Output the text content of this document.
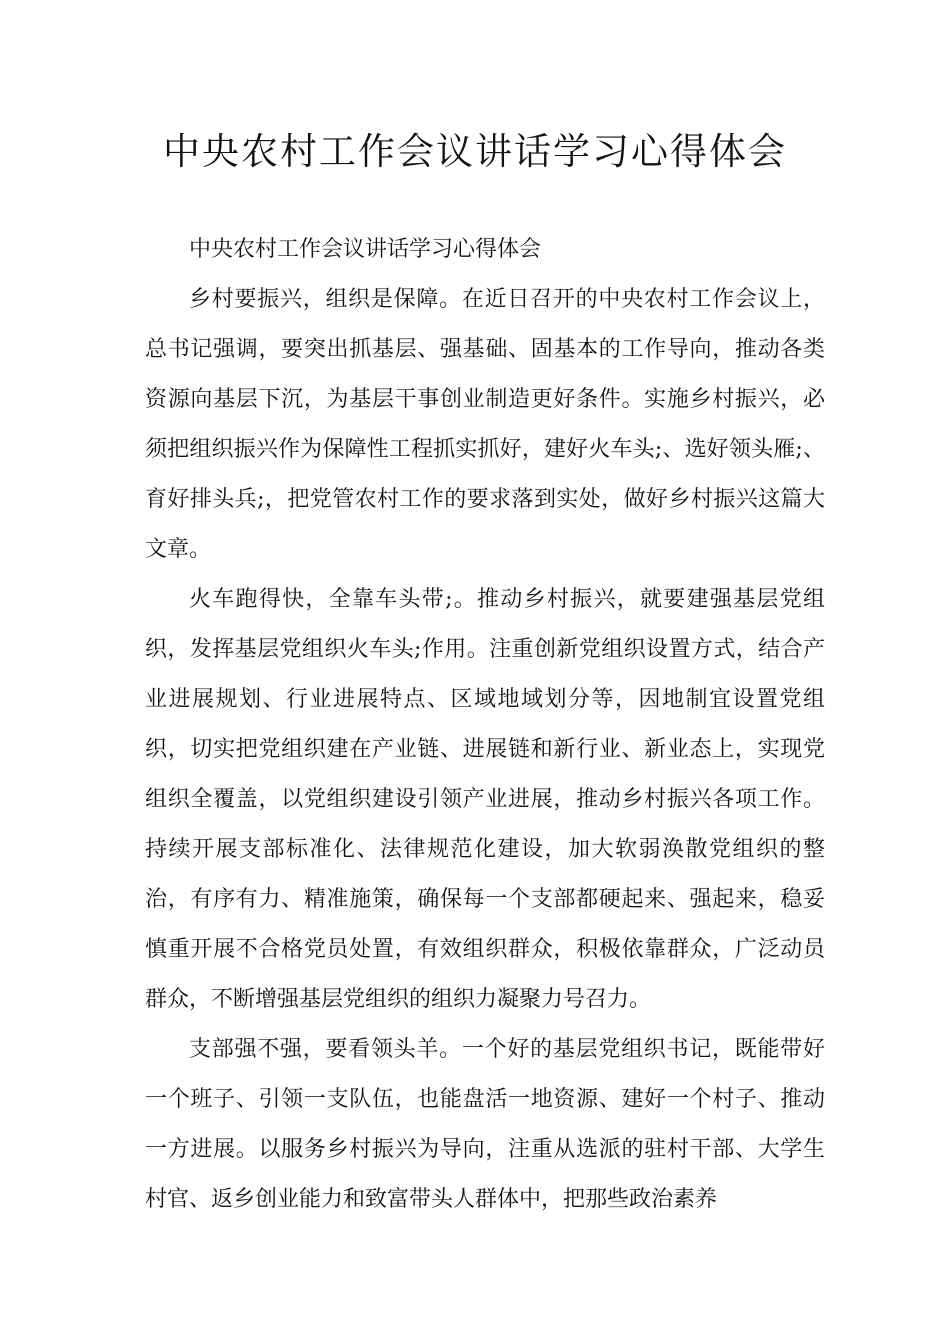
中央农村工作会议讲话学习心得体会

中央农村工作会议讲话学习心得体会

乡村要振兴，组织是保障。在近日召开的中央农村工作会议上，总书记强调，要突出抓基层、强基础、固基本的工作导向，推动各类资源向基层下沉，为基层干事创业制造更好条件。实施乡村振兴，必须把组织振兴作为保障性工程抓实抓好，建好火车头;、选好领头雁;、育好排头兵;，把党管农村工作的要求落到实处，做好乡村振兴这篇大文章。

火车跑得快，全靠车头带;。推动乡村振兴，就要建强基层党组织，发挥基层党组织火车头;作用。注重创新党组织设置方式，结合产业进展规划、行业进展特点、区域地域划分等，因地制宜设置党组织，切实把党组织建在产业链、进展链和新行业、新业态上，实现党组织全覆盖，以党组织建设引领产业进展，推动乡村振兴各项工作。持续开展支部标准化、法律规范化建设，加大软弱涣散党组织的整治，有序有力、精准施策，确保每一个支部都硬起来、强起来，稳妥慎重开展不合格党员处置，有效组织群众，积极依靠群众，广泛动员群众，不断增强基层党组织的组织力凝聚力号召力。

支部强不强，要看领头羊。一个好的基层党组织书记，既能带好一个班子、引领一支队伍，也能盘活一地资源、建好一个村子、推动一方进展。以服务乡村振兴为导向，注重从选派的驻村干部、大学生村官、返乡创业能力和致富带头人群体中，把那些政治素养
